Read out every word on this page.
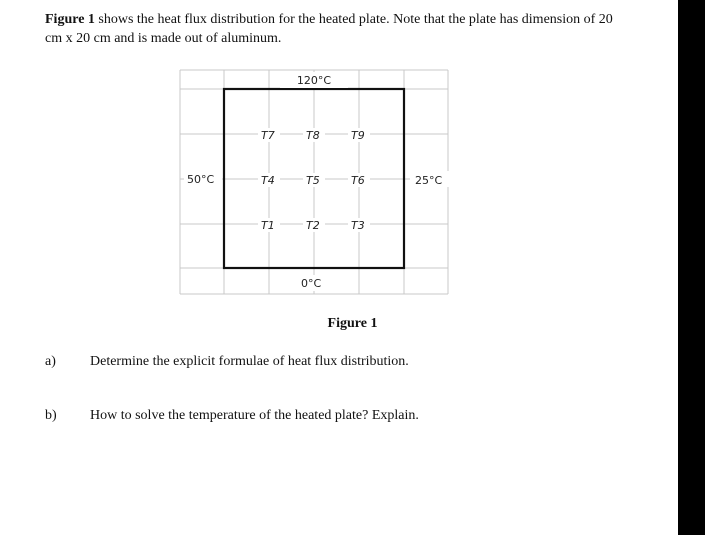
Figure 1 shows the heat flux distribution for the heated plate. Note that the plate has dimension of 20 cm x 20 cm and is made out of aluminum.

120°C
50°C	25°C
0°C
T7	T8	T9
T4	T5	T6
T1	T2	T3
Figure 1
a) Determine the explicit formulae of heat flux distribution.
b) How to solve the temperature of the heated plate? Explain.
